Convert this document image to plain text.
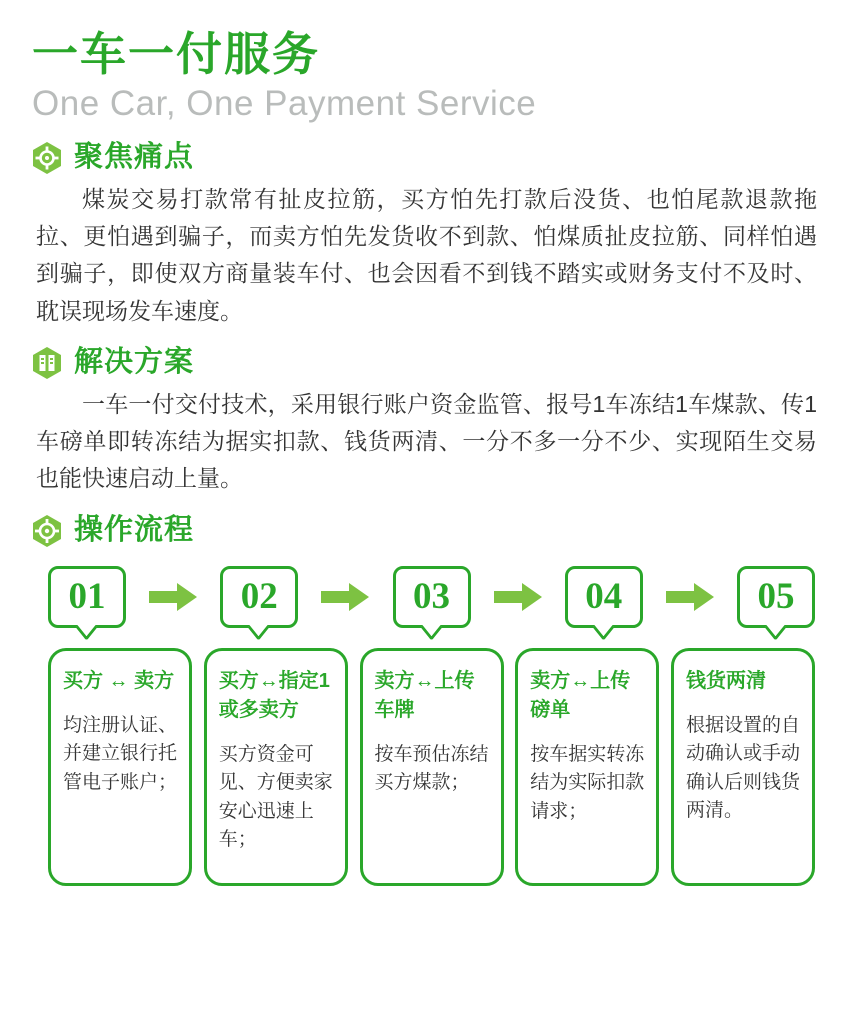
一车一付服务
One Car, One Payment Service
聚焦痛点

煤炭交易打款常有扯皮拉筋，买方怕先打款后没货、也怕尾款退款拖拉、更怕遇到骗子，而卖方怕先发货收不到款、怕煤质扯皮拉筋、同样怕遇到骗子，即使双方商量装车付、也会因看不到钱不踏实或财务支付不及时、耽误现场发车速度。

解决方案

一车一付交付技术，采用银行账户资金监管、报号1车冻结1车煤款、传1车磅单即转冻结为据实扣款、钱货两清、一分不多一分不少、实现陌生交易也能快速启动上量。

操作流程
01	02	03	04	05
买方 ↔ 卖方
均注册认证、并建立银行托管电子账户；
买方↔指定1或多卖方
买方资金可见、方便卖家安心迅速上车；
卖方↔上传车牌
按车预估冻结买方煤款；
卖方↔上传磅单
按车据实转冻结为实际扣款请求；
钱货两清
根据设置的自动确认或手动确认后则钱货两清。
